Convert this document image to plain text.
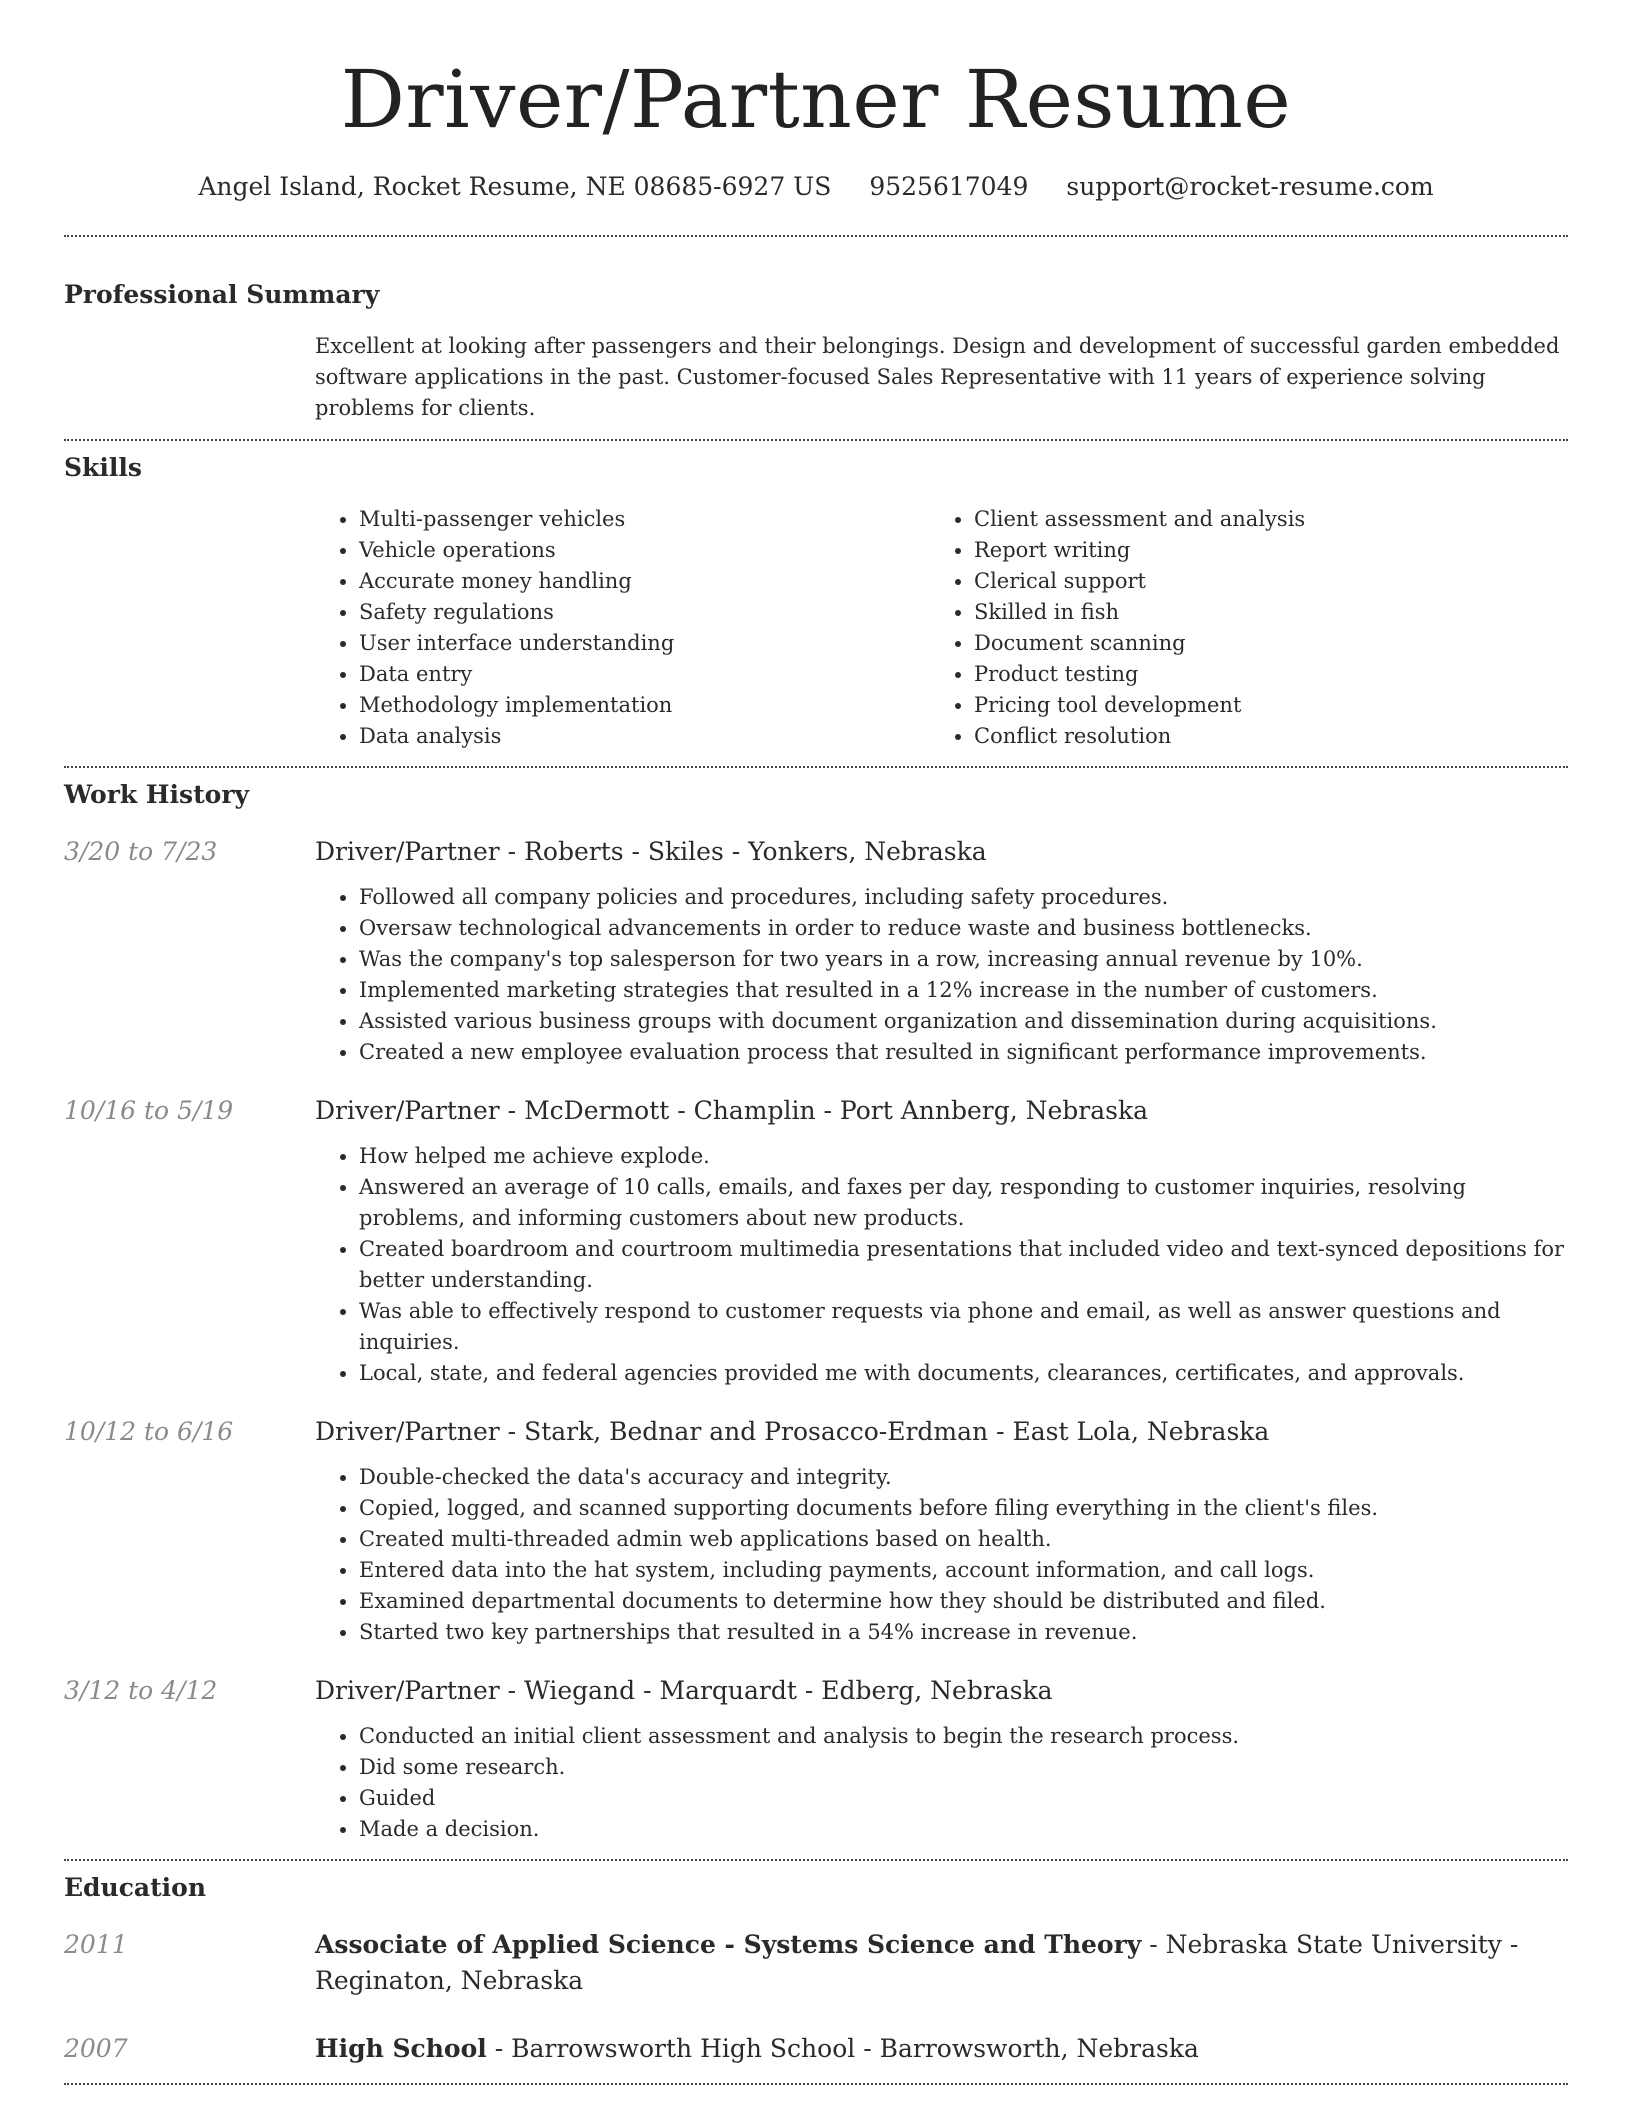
Driver/Partner Resume
Angel Island, Rocket Resume, NE 08685-6927 US 9525617049 support@rocket-resume.com
Professional Summary
Excellent at looking after passengers and their belongings. Design and development of successful garden embedded software applications in the past. Customer-focused Sales Representative with 11 years of experience solving problems for clients.
Skills
• Multi-passenger vehicles
• Vehicle operations
• Accurate money handling
• Safety regulations
• User interface understanding
• Data entry
• Methodology implementation
• Data analysis
• Client assessment and analysis
• Report writing
• Clerical support
• Skilled in fish
• Document scanning
• Product testing
• Pricing tool development
• Conflict resolution
Work History
3/20 to 7/23	Driver/Partner - Roberts - Skiles - Yonkers, Nebraska
• Followed all company policies and procedures, including safety procedures.
• Oversaw technological advancements in order to reduce waste and business bottlenecks.
• Was the company's top salesperson for two years in a row, increasing annual revenue by 10%.
• Implemented marketing strategies that resulted in a 12% increase in the number of customers.
• Assisted various business groups with document organization and dissemination during acquisitions.
• Created a new employee evaluation process that resulted in significant performance improvements.
10/16 to 5/19	Driver/Partner - McDermott - Champlin - Port Annberg, Nebraska
• How helped me achieve explode.
• Answered an average of 10 calls, emails, and faxes per day, responding to customer inquiries, resolving problems, and informing customers about new products.
• Created boardroom and courtroom multimedia presentations that included video and text-synced depositions for better understanding.
• Was able to effectively respond to customer requests via phone and email, as well as answer questions and inquiries.
• Local, state, and federal agencies provided me with documents, clearances, certificates, and approvals.
10/12 to 6/16	Driver/Partner - Stark, Bednar and Prosacco-Erdman - East Lola, Nebraska
• Double-checked the data's accuracy and integrity.
• Copied, logged, and scanned supporting documents before filing everything in the client's files.
• Created multi-threaded admin web applications based on health.
• Entered data into the hat system, including payments, account information, and call logs.
• Examined departmental documents to determine how they should be distributed and filed.
• Started two key partnerships that resulted in a 54% increase in revenue.
3/12 to 4/12	Driver/Partner - Wiegand - Marquardt - Edberg, Nebraska
• Conducted an initial client assessment and analysis to begin the research process.
• Did some research.
• Guided
• Made a decision.
Education
2011	Associate of Applied Science - Systems Science and Theory - Nebraska State University - Reginaton, Nebraska
2007	High School - Barrowsworth High School - Barrowsworth, Nebraska
